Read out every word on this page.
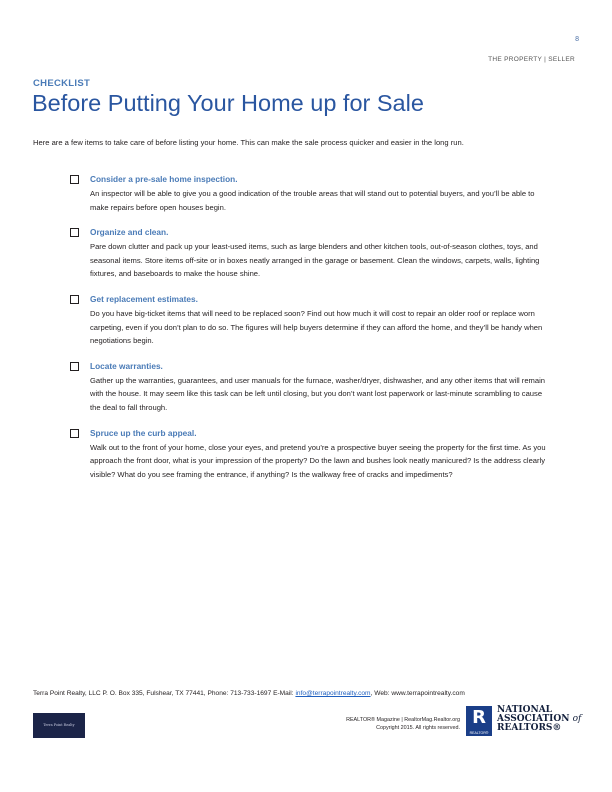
8
THE PROPERTY | SELLER
CHECKLIST
Before Putting Your Home up for Sale
Here are a few items to take care of before listing your home. This can make the sale process quicker and easier in the long run.
Consider a pre-sale home inspection.
An inspector will be able to give you a good indication of the trouble areas that will stand out to potential buyers, and you’ll be able to make repairs before open houses begin.
Organize and clean.
Pare down clutter and pack up your least-used items, such as large blenders and other kitchen tools, out-of-season clothes, toys, and seasonal items. Store items off-site or in boxes neatly arranged in the garage or basement. Clean the windows, carpets, walls, lighting fixtures, and baseboards to make the house shine.
Get replacement estimates.
Do you have big-ticket items that will need to be replaced soon? Find out how much it will cost to repair an older roof or replace worn carpeting, even if you don’t plan to do so. The figures will help buyers determine if they can afford the home, and they’ll be handy when negotiations begin.
Locate warranties.
Gather up the warranties, guarantees, and user manuals for the furnace, washer/dryer, dishwasher, and any other items that will remain with the house. It may seem like this task can be left until closing, but you don’t want lost paperwork or last-minute scrambling to cause the deal to fall through.
Spruce up the curb appeal.
Walk out to the front of your home, close your eyes, and pretend you’re a prospective buyer seeing the property for the first time. As you approach the front door, what is your impression of the property? Do the lawn and bushes look neatly manicured? Is the address clearly visible? What do you see framing the entrance, if anything? Is the walkway free of cracks and impediments?
Terra Point Realty, LLC P. O. Box 335, Fulshear, TX 77441, Phone: 713-733-1697 E-Mail: info@terrapointrealty.com, Web: www.terrapointrealty.com
Terra Point Realty
REALTOR® Magazine | RealtorMag.Realtor.org
Copyright 2015. All rights reserved. R
REALTOR®
NATIONAL
ASSOCIATION of
REALTORS®
